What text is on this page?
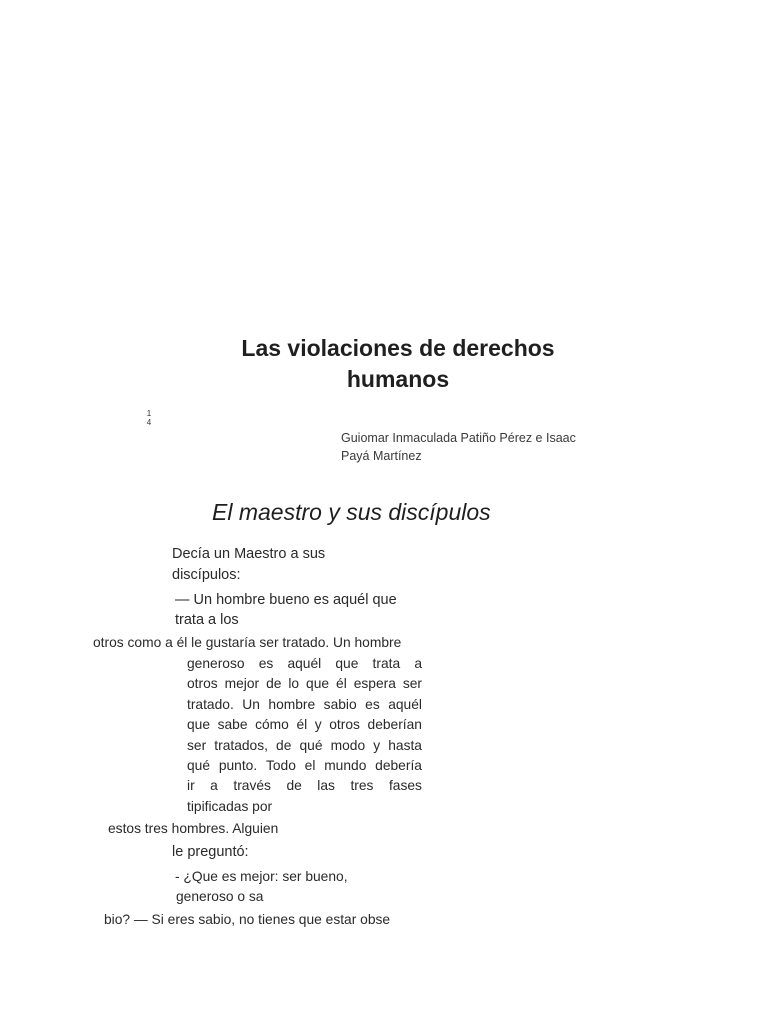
Las violaciones de derechos
humanos
1
4
Guiomar Inmaculada Patiño Pérez e Isaac
Payá Martínez
El maestro y sus discípulos
Decía un Maestro a sus
discípulos:
— Un hombre bueno es aquél que
trata a los
otros como a él le gustaría ser tratado. Un hombre
generoso es aquél que trata a
otros mejor de lo que él espera ser
tratado. Un hombre sabio es aquél
que sabe cómo él y otros deberían
ser tratados, de qué modo y hasta
qué punto. Todo el mundo debería
ir a través de las tres fases
tipificadas por
estos tres hombres. Alguien
le preguntó:
- ¿Que es mejor: ser bueno,
generoso o sa
bio? — Si eres sabio, no tienes que estar obse
